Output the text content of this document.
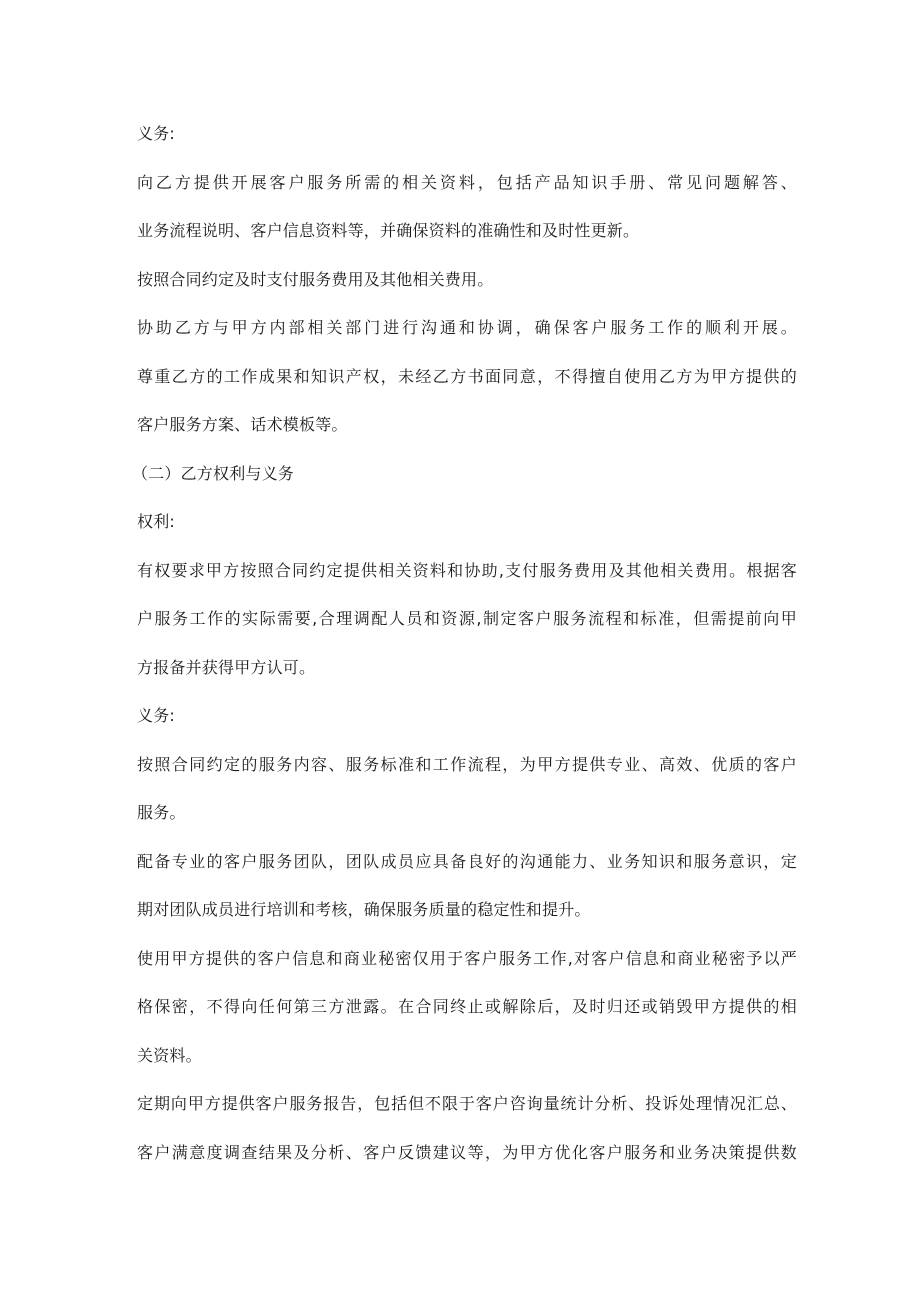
义务:
向乙方提供开展客户服务所需的相关资料，包括产品知识手册、常见问题解答、
业务流程说明、客户信息资料等，并确保资料的准确性和及时性更新。
按照合同约定及时支付服务费用及其他相关费用。
协助乙方与甲方内部相关部门进行沟通和协调，确保客户服务工作的顺利开展。
尊重乙方的工作成果和知识产权，未经乙方书面同意，不得擅自使用乙方为甲方提供的
客户服务方案、话术模板等。
（二）乙方权利与义务
权利:
有权要求甲方按照合同约定提供相关资料和协助,支付服务费用及其他相关费用。根据客
户服务工作的实际需要,合理调配人员和资源,制定客户服务流程和标准，但需提前向甲
方报备并获得甲方认可。
义务:
按照合同约定的服务内容、服务标准和工作流程，为甲方提供专业、高效、优质的客户
服务。
配备专业的客户服务团队，团队成员应具备良好的沟通能力、业务知识和服务意识，定
期对团队成员进行培训和考核，确保服务质量的稳定性和提升。
使用甲方提供的客户信息和商业秘密仅用于客户服务工作,对客户信息和商业秘密予以严
格保密，不得向任何第三方泄露。在合同终止或解除后，及时归还或销毁甲方提供的相
关资料。
定期向甲方提供客户服务报告，包括但不限于客户咨询量统计分析、投诉处理情况汇总、
客户满意度调查结果及分析、客户反馈建议等，为甲方优化客户服务和业务决策提供数
